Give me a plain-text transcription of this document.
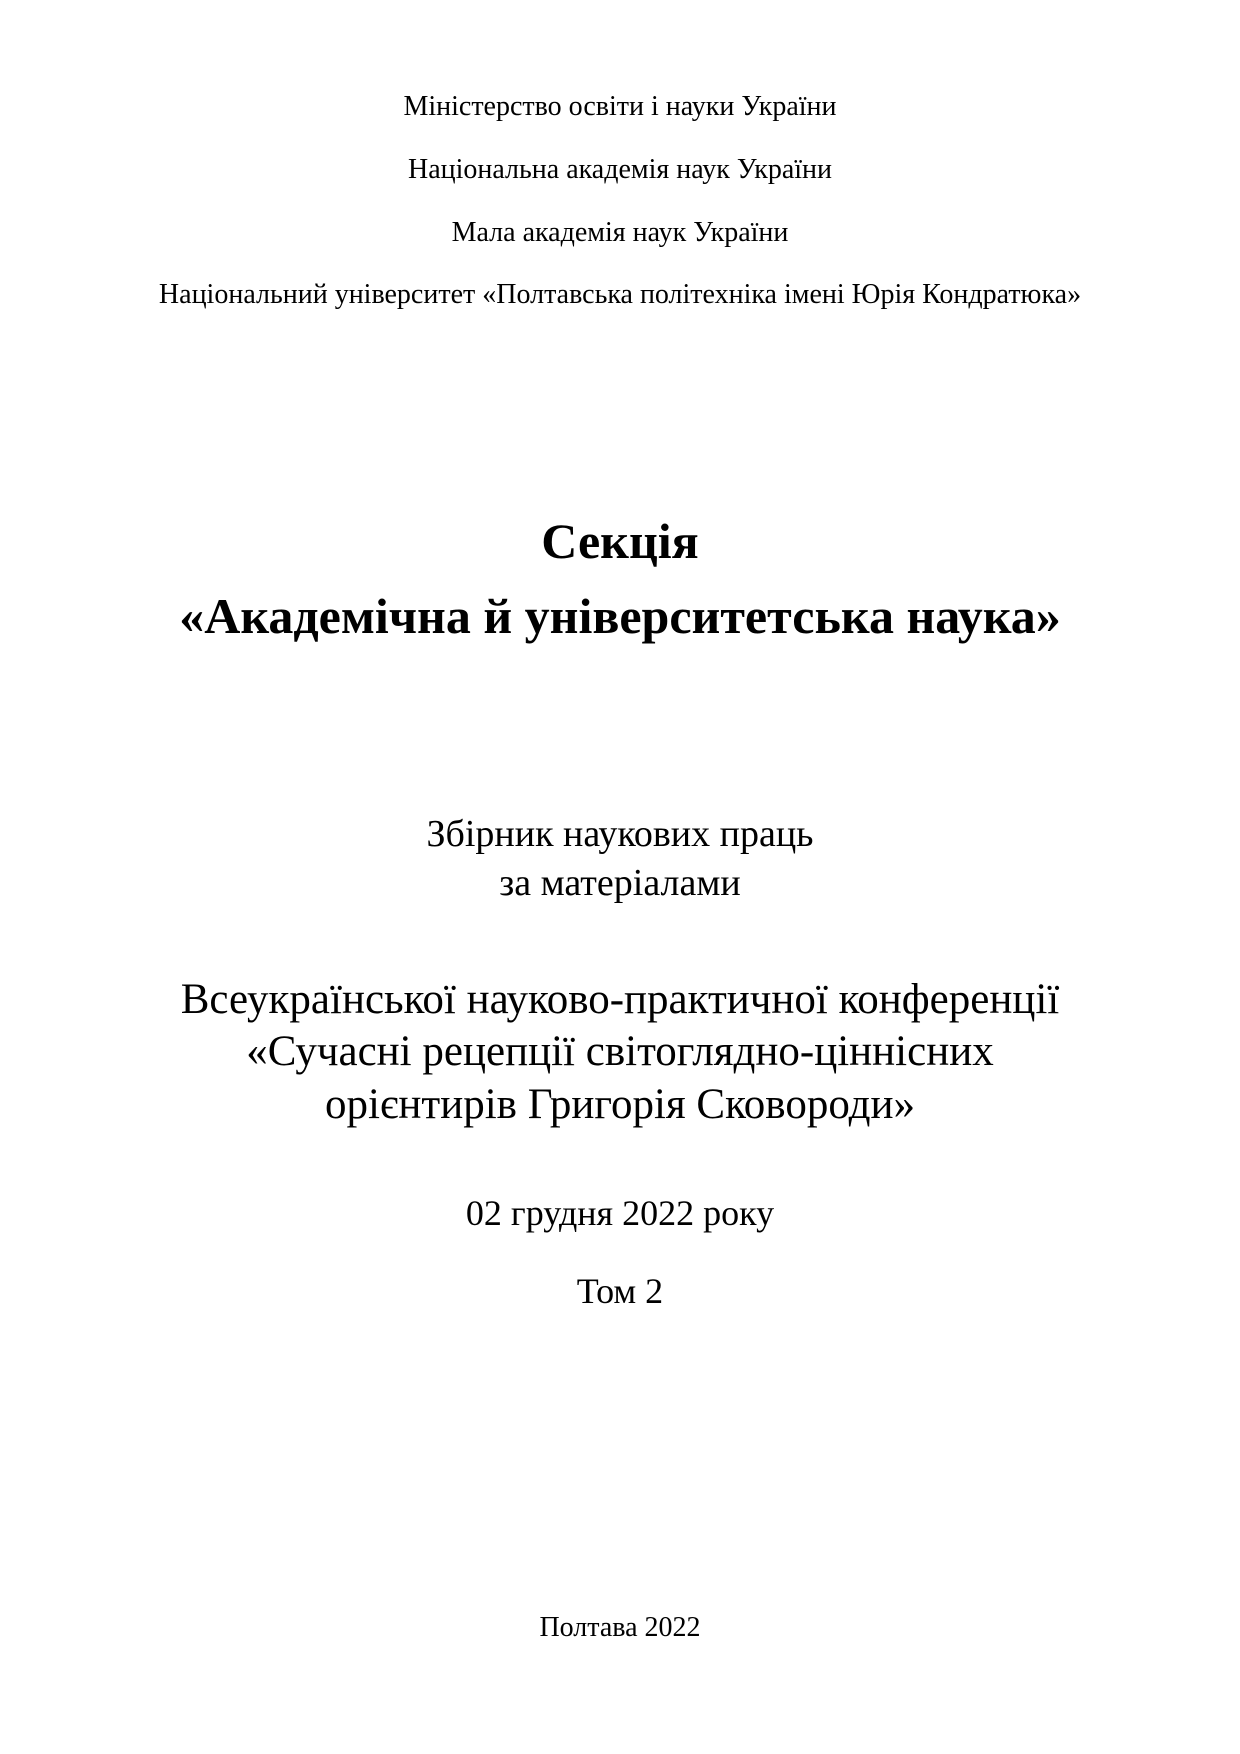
Міністерство освіти і науки України
Національна академія наук України
Мала академія наук України
Національний університет «Полтавська політехніка імені Юрія Кондратюка»
Секція
«Академічна й університетська наука»
Збірник наукових праць
за матеріалами
Всеукраїнської науково-практичної конференції
«Сучасні рецепції світоглядно-ціннісних
орієнтирів Григорія Сковороди»
02 грудня 2022 року
Том 2
Полтава 2022
